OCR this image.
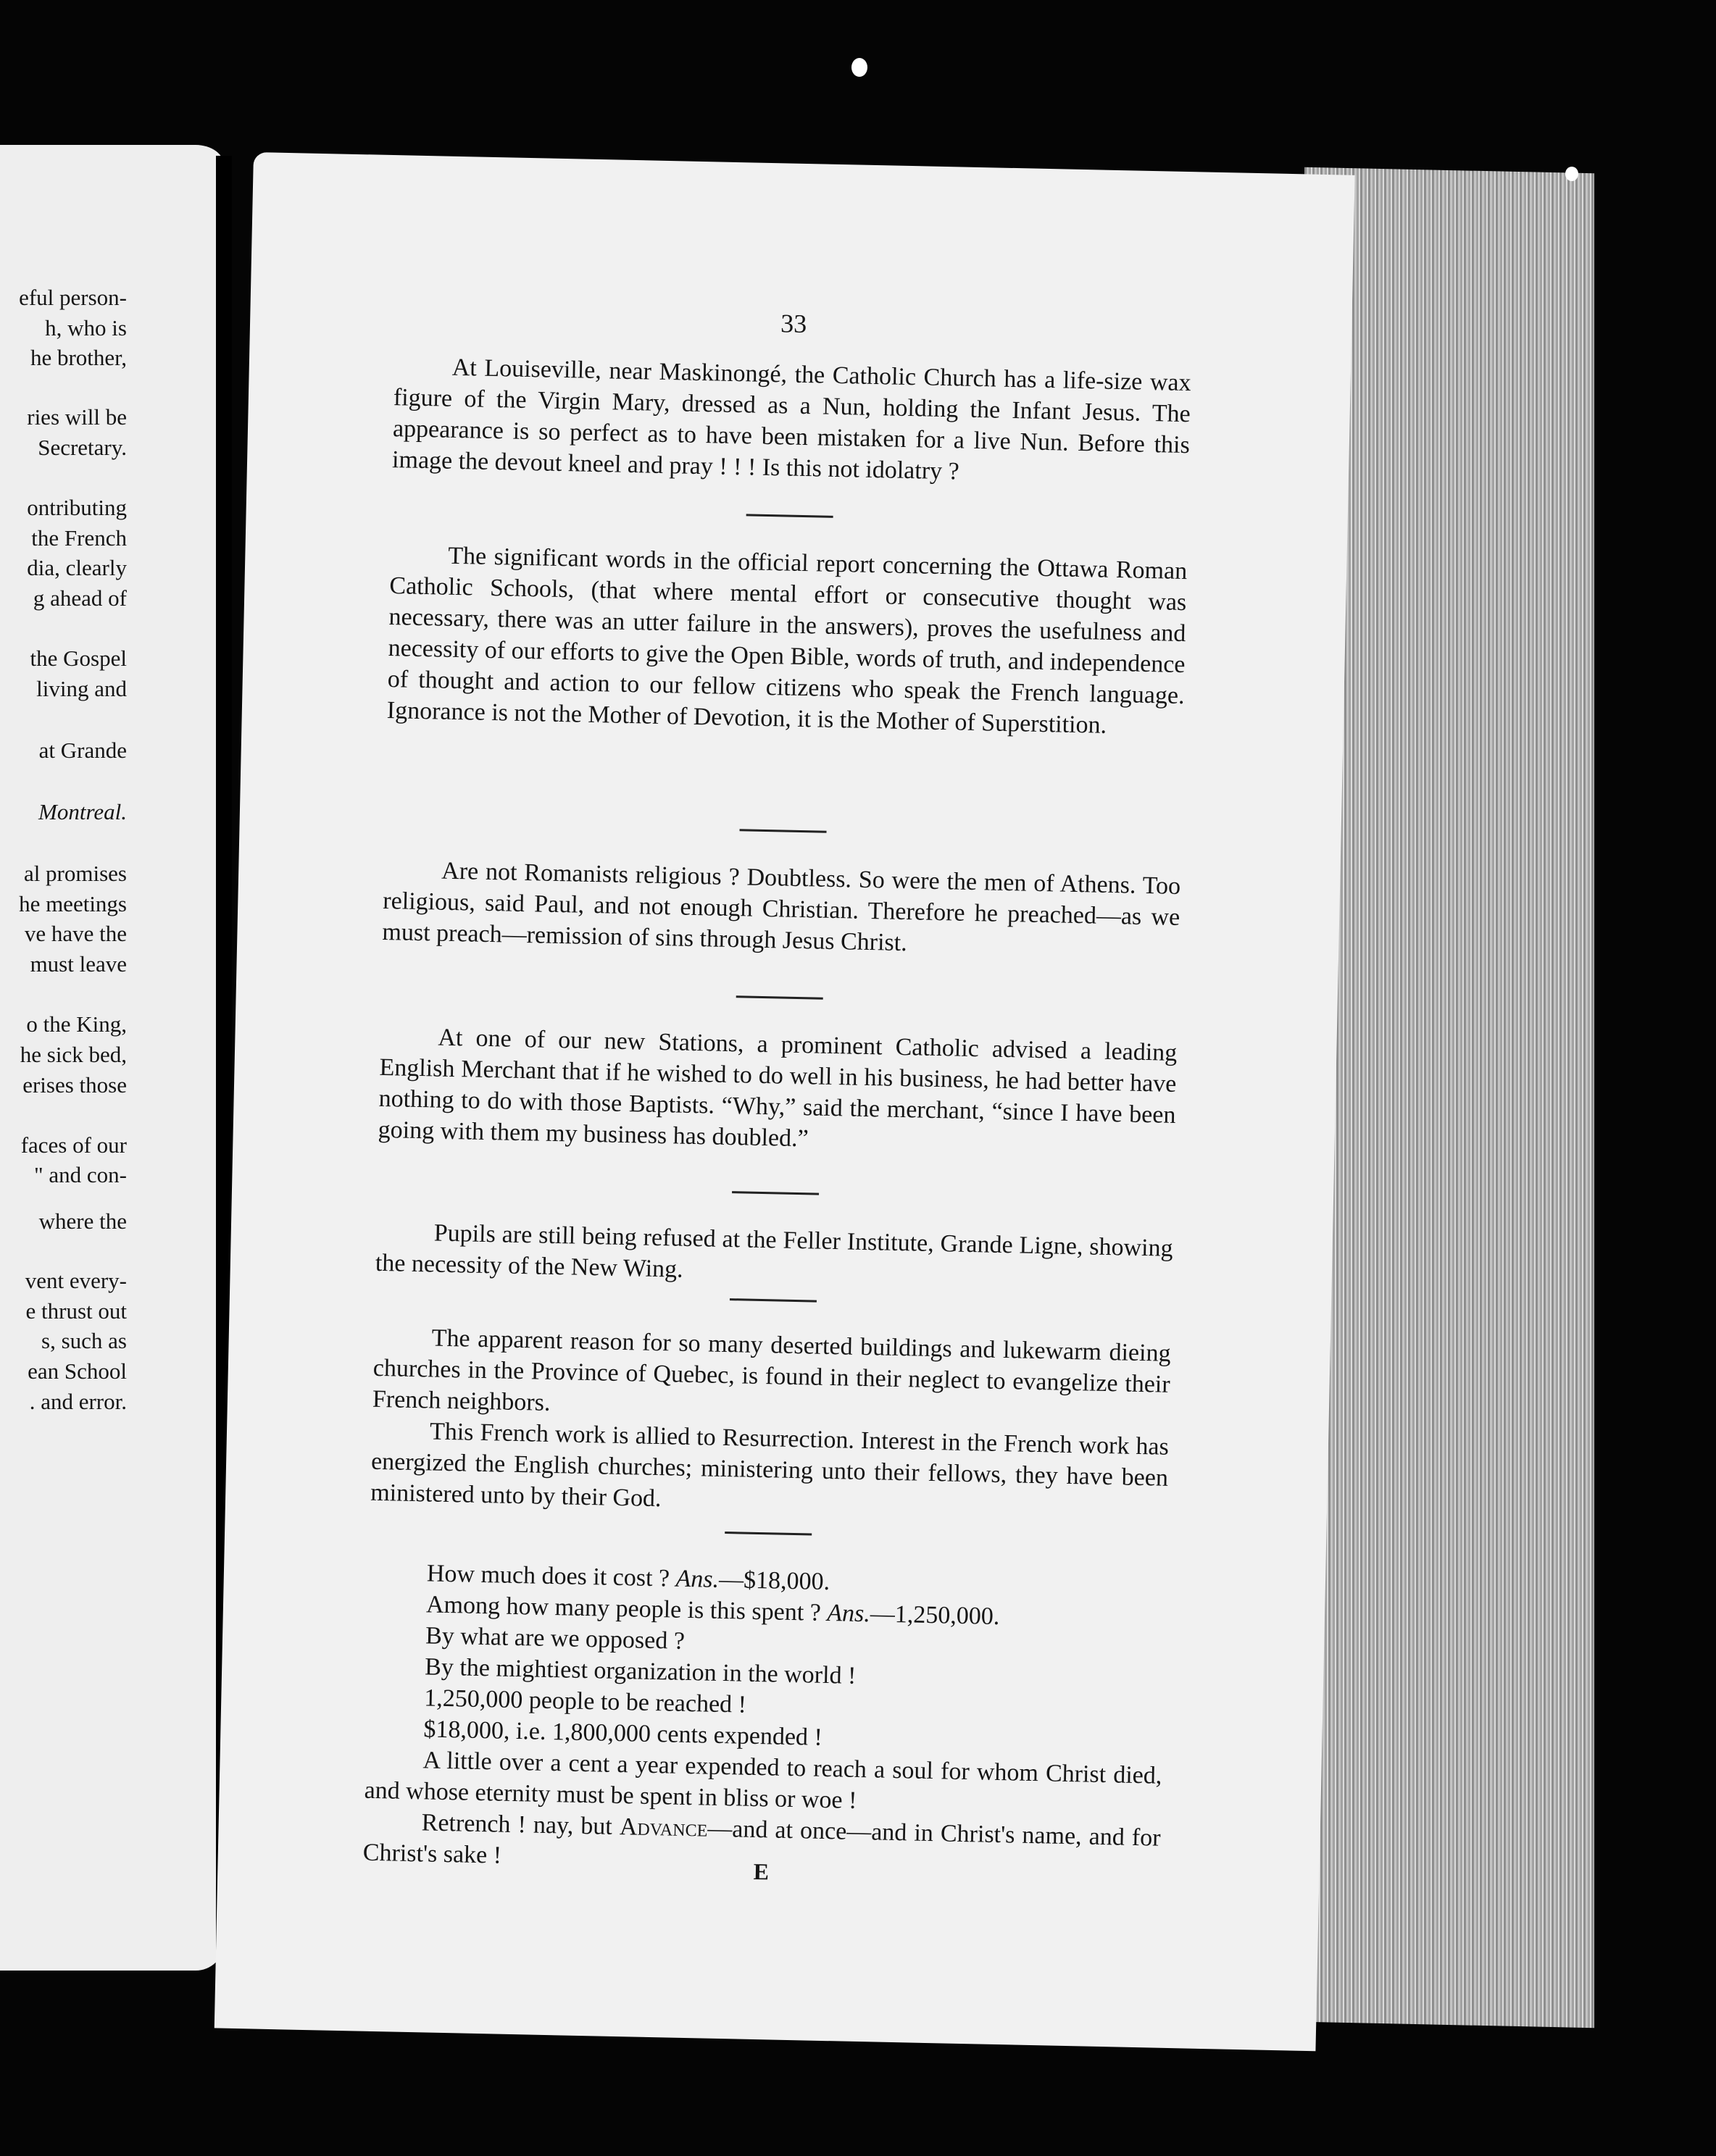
eful person-
h, who is
he brother,
ries will be
Secretary.
ontributing
the French
dia, clearly
g ahead of
the Gospel
living and
at Grande
Montreal.
al promises
he meetings
ve have the
must leave
o the King,
he sick bed,
erises those
faces of our
" and con-
where the
vent every-
e thrust out
s, such as
ean School
. and error.
33

At Louiseville, near Maskinongé, the Catholic Church has a life-size wax figure of the Virgin Mary, dressed as a Nun, holding the Infant Jesus. The appearance is so perfect as to have been mistaken for a live Nun. Before this image the devout kneel and pray ! ! ! Is this not idolatry ?

The significant words in the official report concerning the Ottawa Roman Catholic Schools, (that where mental effort or consecutive thought was necessary, there was an utter failure in the answers), proves the usefulness and necessity of our efforts to give the Open Bible, words of truth, and independence of thought and action to our fellow citizens who speak the French language. Ignorance is not the Mother of Devotion, it is the Mother of Superstition.

Are not Romanists religious ? Doubtless. So were the men of Athens. Too religious, said Paul, and not enough Christian. Therefore he preached—as we must preach—remission of sins through Jesus Christ.

At one of our new Stations, a prominent Catholic advised a leading English Merchant that if he wished to do well in his business, he had better have nothing to do with those Baptists. “Why,” said the merchant, “since I have been going with them my business has doubled.”

Pupils are still being refused at the Feller Institute, Grande Ligne, showing the necessity of the New Wing.

The apparent reason for so many deserted buildings and lukewarm dieing churches in the Province of Quebec, is found in their neglect to evangelize their French neighbors.

This French work is allied to Resurrection. Interest in the French work has energized the English churches; ministering unto their fellows, they have been ministered unto by their God.

How much does it cost ? Ans.—$18,000.

Among how many people is this spent ? Ans.—1,250,000.

By what are we opposed ?

By the mightiest organization in the world !

1,250,000 people to be reached !

$18,000, i.e. 1,800,000 cents expended !

A little over a cent a year expended to reach a soul for whom Christ died, and whose eternity must be spent in bliss or woe !

Retrench ! nay, but Advance—and at once—and in Christ's name, and for Christ's sake !

E
